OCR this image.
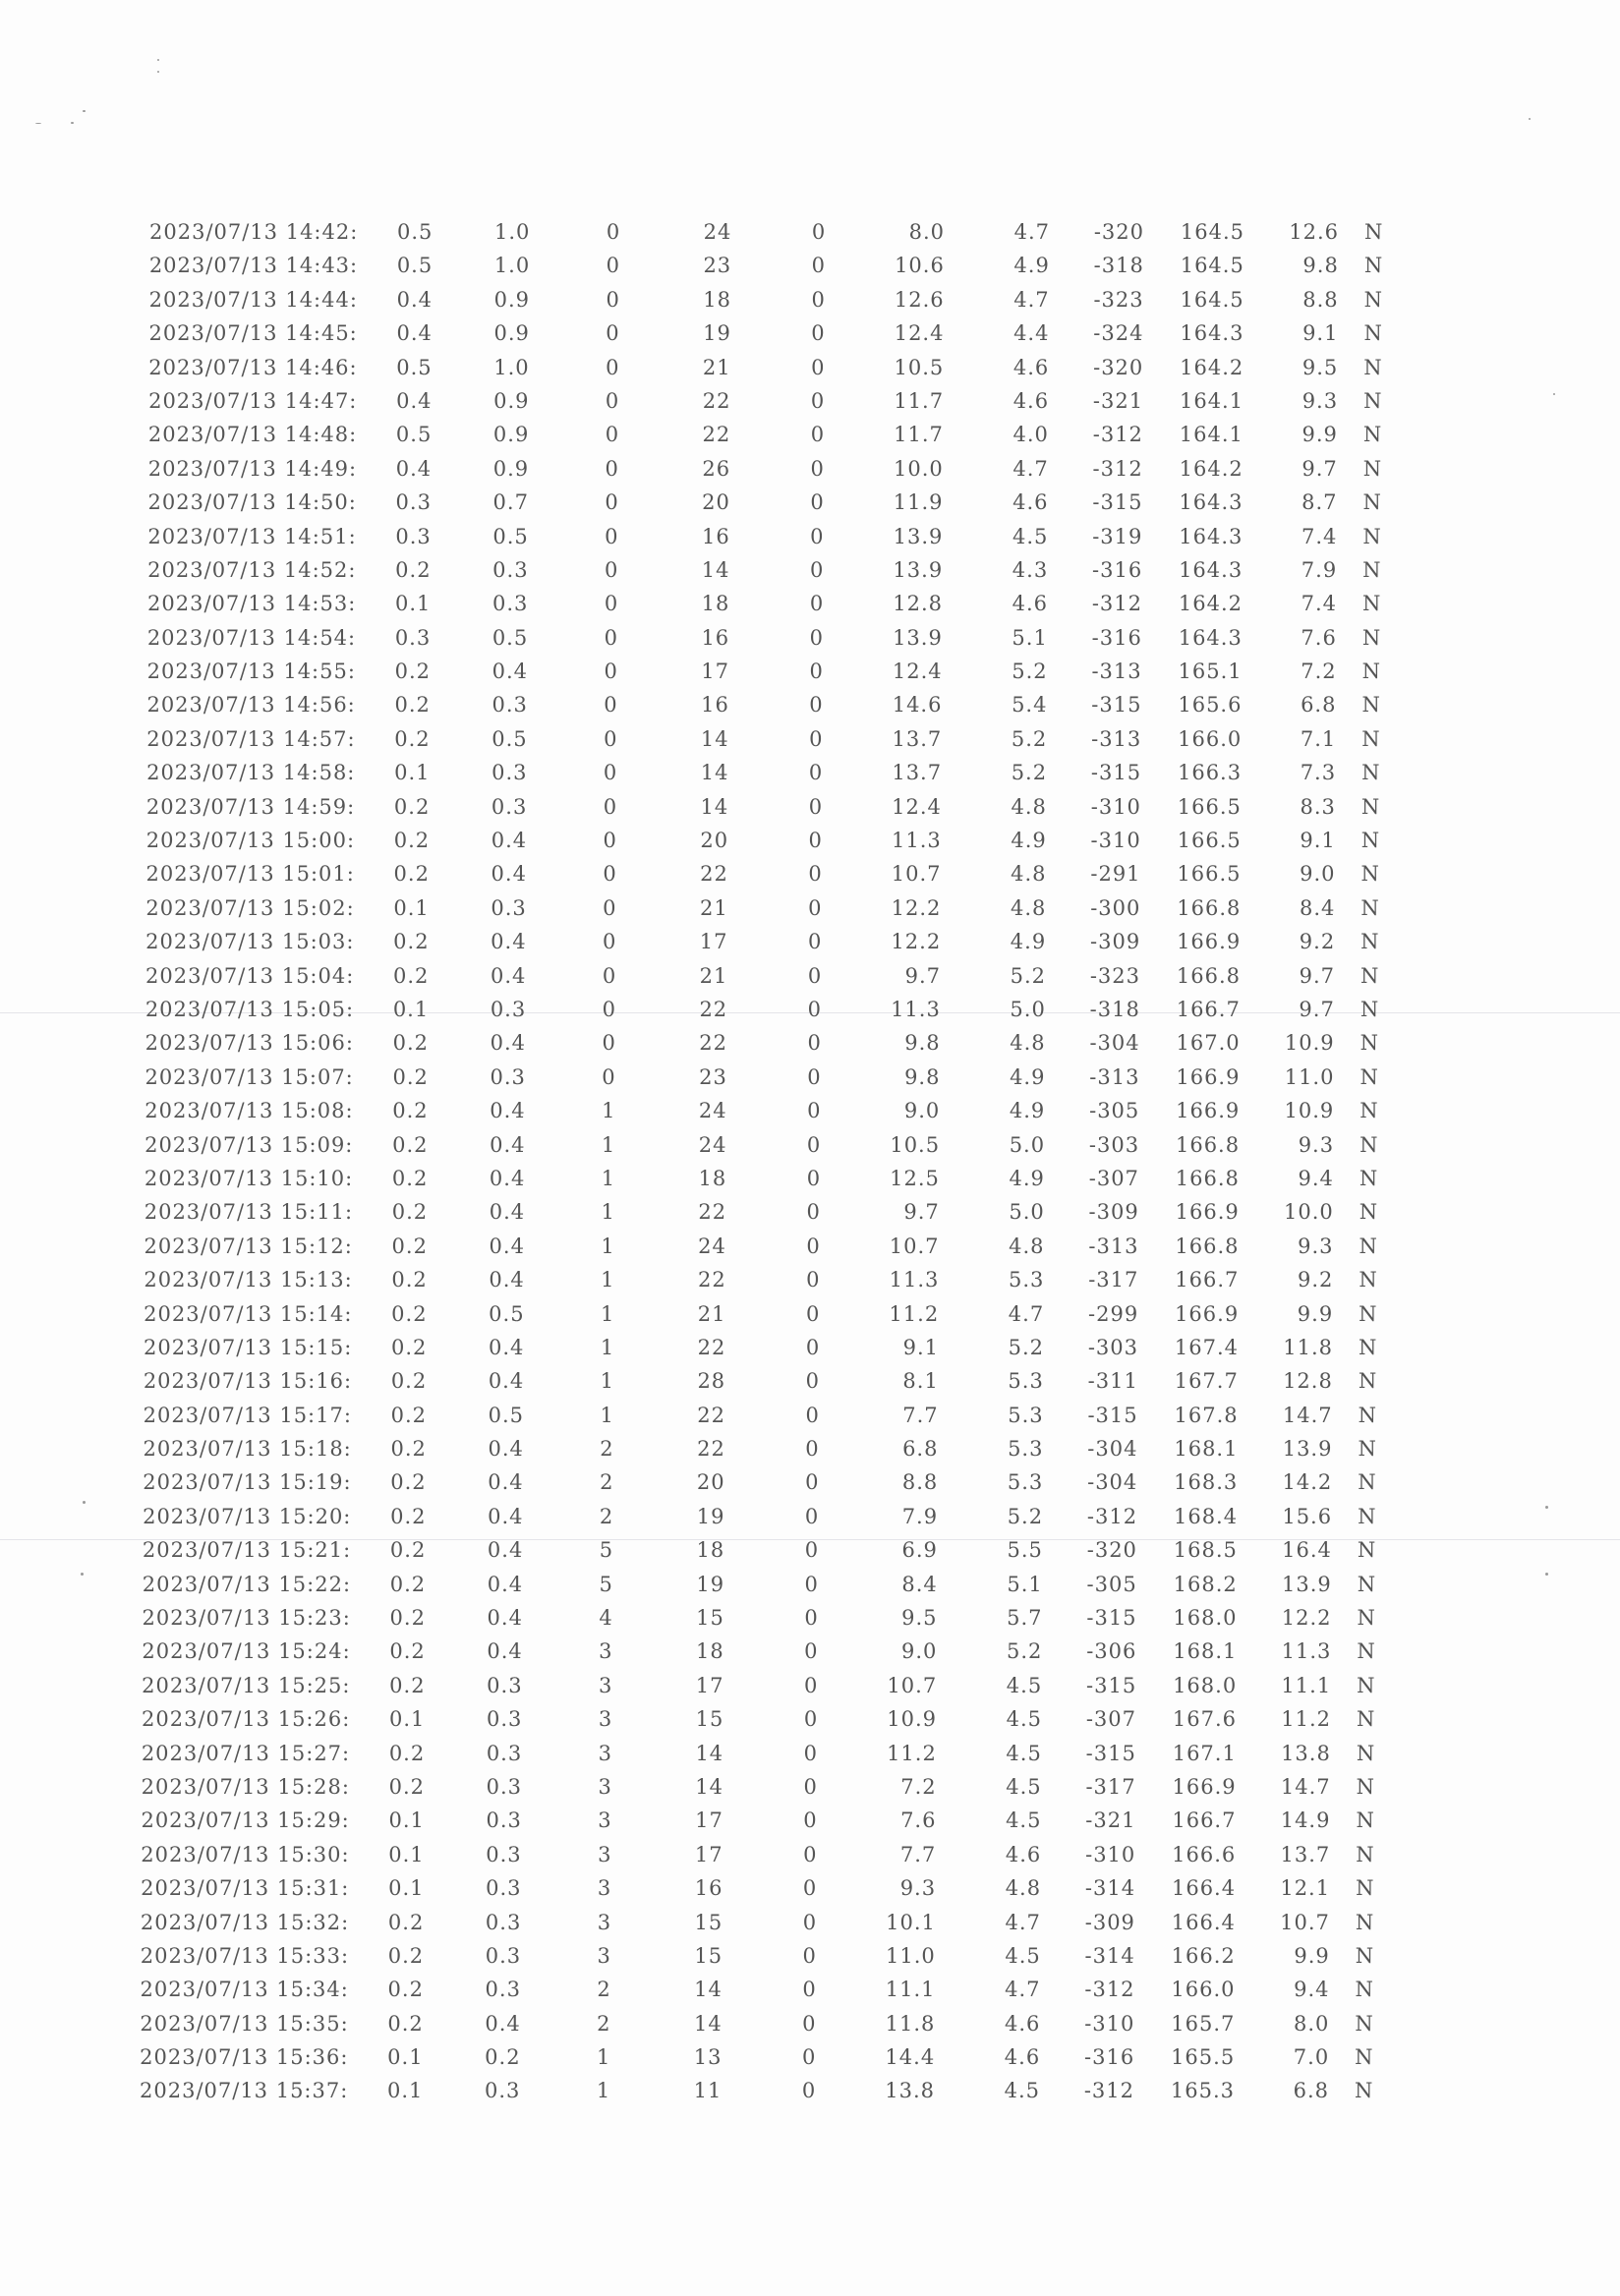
2023/07/13 14:42: 0.5	1.0	0	24	0	8.0	4.7 -320 164.5 12.6 N
2023/07/13 14:43: 0.5	1.0	0	23	0	10.6	4.9 -318 164.5	9.8 N
2023/07/13 14:44: 0.4	0.9	0	18	0	12.6	4.7 -323 164.5	8.8 N
2023/07/13 14:45: 0.4	0.9	0	19	0	12.4	4.4 -324 164.3	9.1 N
2023/07/13 14:46: 0.5	1.0	0	21	0	10.5	4.6 -320 164.2	9.5 N
2023/07/13 14:47: 0.4	0.9	0	22	0	11.7	4.6 -321 164.1	9.3 N
2023/07/13 14:48: 0.5	0.9	0	22	0	11.7	4.0 -312 164.1	9.9 N
2023/07/13 14:49: 0.4	0.9	0	26	0	10.0	4.7 -312 164.2	9.7 N
2023/07/13 14:50: 0.3	0.7	0	20	0	11.9	4.6 -315 164.3	8.7 N
2023/07/13 14:51: 0.3	0.5	0	16	0	13.9	4.5 -319 164.3	7.4 N
2023/07/13 14:52: 0.2	0.3	0	14	0	13.9	4.3 -316 164.3	7.9 N
2023/07/13 14:53: 0.1	0.3	0	18	0	12.8	4.6 -312 164.2	7.4 N
2023/07/13 14:54: 0.3	0.5	0	16	0	13.9	5.1 -316 164.3	7.6 N
2023/07/13 14:55: 0.2	0.4	0	17	0	12.4	5.2 -313 165.1	7.2 N
2023/07/13 14:56: 0.2	0.3	0	16	0	14.6	5.4 -315 165.6	6.8 N
2023/07/13 14:57: 0.2	0.5	0	14	0	13.7	5.2 -313 166.0	7.1 N
2023/07/13 14:58: 0.1	0.3	0	14	0	13.7	5.2 -315 166.3	7.3 N
2023/07/13 14:59: 0.2	0.3	0	14	0	12.4	4.8 -310 166.5	8.3 N
2023/07/13 15:00: 0.2	0.4	0	20	0	11.3	4.9 -310 166.5	9.1 N
2023/07/13 15:01: 0.2	0.4	0	22	0	10.7	4.8 -291 166.5	9.0 N
2023/07/13 15:02: 0.1	0.3	0	21	0	12.2	4.8 -300 166.8	8.4 N
2023/07/13 15:03: 0.2	0.4	0	17	0	12.2	4.9 -309 166.9	9.2 N
2023/07/13 15:04: 0.2	0.4	0	21	0	9.7	5.2 -323 166.8	9.7 N
2023/07/13 15:05: 0.1	0.3	0	22	0	11.3	5.0 -318 166.7	9.7 N
2023/07/13 15:06: 0.2	0.4	0	22	0	9.8	4.8 -304 167.0 10.9 N
2023/07/13 15:07: 0.2	0.3	0	23	0	9.8	4.9 -313 166.9 11.0 N
2023/07/13 15:08: 0.2	0.4	1	24	0	9.0	4.9 -305 166.9 10.9 N
2023/07/13 15:09: 0.2	0.4	1	24	0	10.5	5.0 -303 166.8	9.3 N
2023/07/13 15:10: 0.2	0.4	1	18	0	12.5	4.9 -307 166.8	9.4 N
2023/07/13 15:11: 0.2	0.4	1	22	0	9.7	5.0 -309 166.9 10.0 N
2023/07/13 15:12: 0.2	0.4	1	24	0	10.7	4.8 -313 166.8	9.3 N
2023/07/13 15:13: 0.2	0.4	1	22	0	11.3	5.3 -317 166.7	9.2 N
2023/07/13 15:14: 0.2	0.5	1	21	0	11.2	4.7 -299 166.9	9.9 N
2023/07/13 15:15: 0.2	0.4	1	22	0	9.1	5.2 -303 167.4 11.8 N
2023/07/13 15:16: 0.2	0.4	1	28	0	8.1	5.3 -311 167.7 12.8 N
2023/07/13 15:17: 0.2	0.5	1	22	0	7.7	5.3 -315 167.8 14.7 N
2023/07/13 15:18: 0.2	0.4	2	22	0	6.8	5.3 -304 168.1 13.9 N
2023/07/13 15:19: 0.2	0.4	2	20	0	8.8	5.3 -304 168.3 14.2 N
2023/07/13 15:20: 0.2	0.4	2	19	0	7.9	5.2 -312 168.4 15.6 N
2023/07/13 15:21: 0.2	0.4	5	18	0	6.9	5.5 -320 168.5 16.4 N
2023/07/13 15:22: 0.2	0.4	5	19	0	8.4	5.1 -305 168.2 13.9 N
2023/07/13 15:23: 0.2	0.4	4	15	0	9.5	5.7 -315 168.0 12.2 N
2023/07/13 15:24: 0.2	0.4	3	18	0	9.0	5.2 -306 168.1 11.3 N
2023/07/13 15:25: 0.2	0.3	3	17	0	10.7	4.5 -315 168.0 11.1 N
2023/07/13 15:26: 0.1	0.3	3	15	0	10.9	4.5 -307 167.6 11.2 N
2023/07/13 15:27: 0.2	0.3	3	14	0	11.2	4.5 -315 167.1 13.8 N
2023/07/13 15:28: 0.2	0.3	3	14	0	7.2	4.5 -317 166.9 14.7 N
2023/07/13 15:29: 0.1	0.3	3	17	0	7.6	4.5 -321 166.7 14.9 N
2023/07/13 15:30: 0.1	0.3	3	17	0	7.7	4.6 -310 166.6 13.7 N
2023/07/13 15:31: 0.1	0.3	3	16	0	9.3	4.8 -314 166.4 12.1 N
2023/07/13 15:32: 0.2	0.3	3	15	0	10.1	4.7 -309 166.4 10.7 N
2023/07/13 15:33: 0.2	0.3	3	15	0	11.0	4.5 -314 166.2	9.9 N
2023/07/13 15:34: 0.2	0.3	2	14	0	11.1	4.7 -312 166.0	9.4 N
2023/07/13 15:35: 0.2	0.4	2	14	0	11.8	4.6 -310 165.7	8.0 N
2023/07/13 15:36: 0.1	0.2	1	13	0	14.4	4.6 -316 165.5	7.0 N
2023/07/13 15:37: 0.1	0.3	1	11	0	13.8	4.5 -312 165.3	6.8 N
